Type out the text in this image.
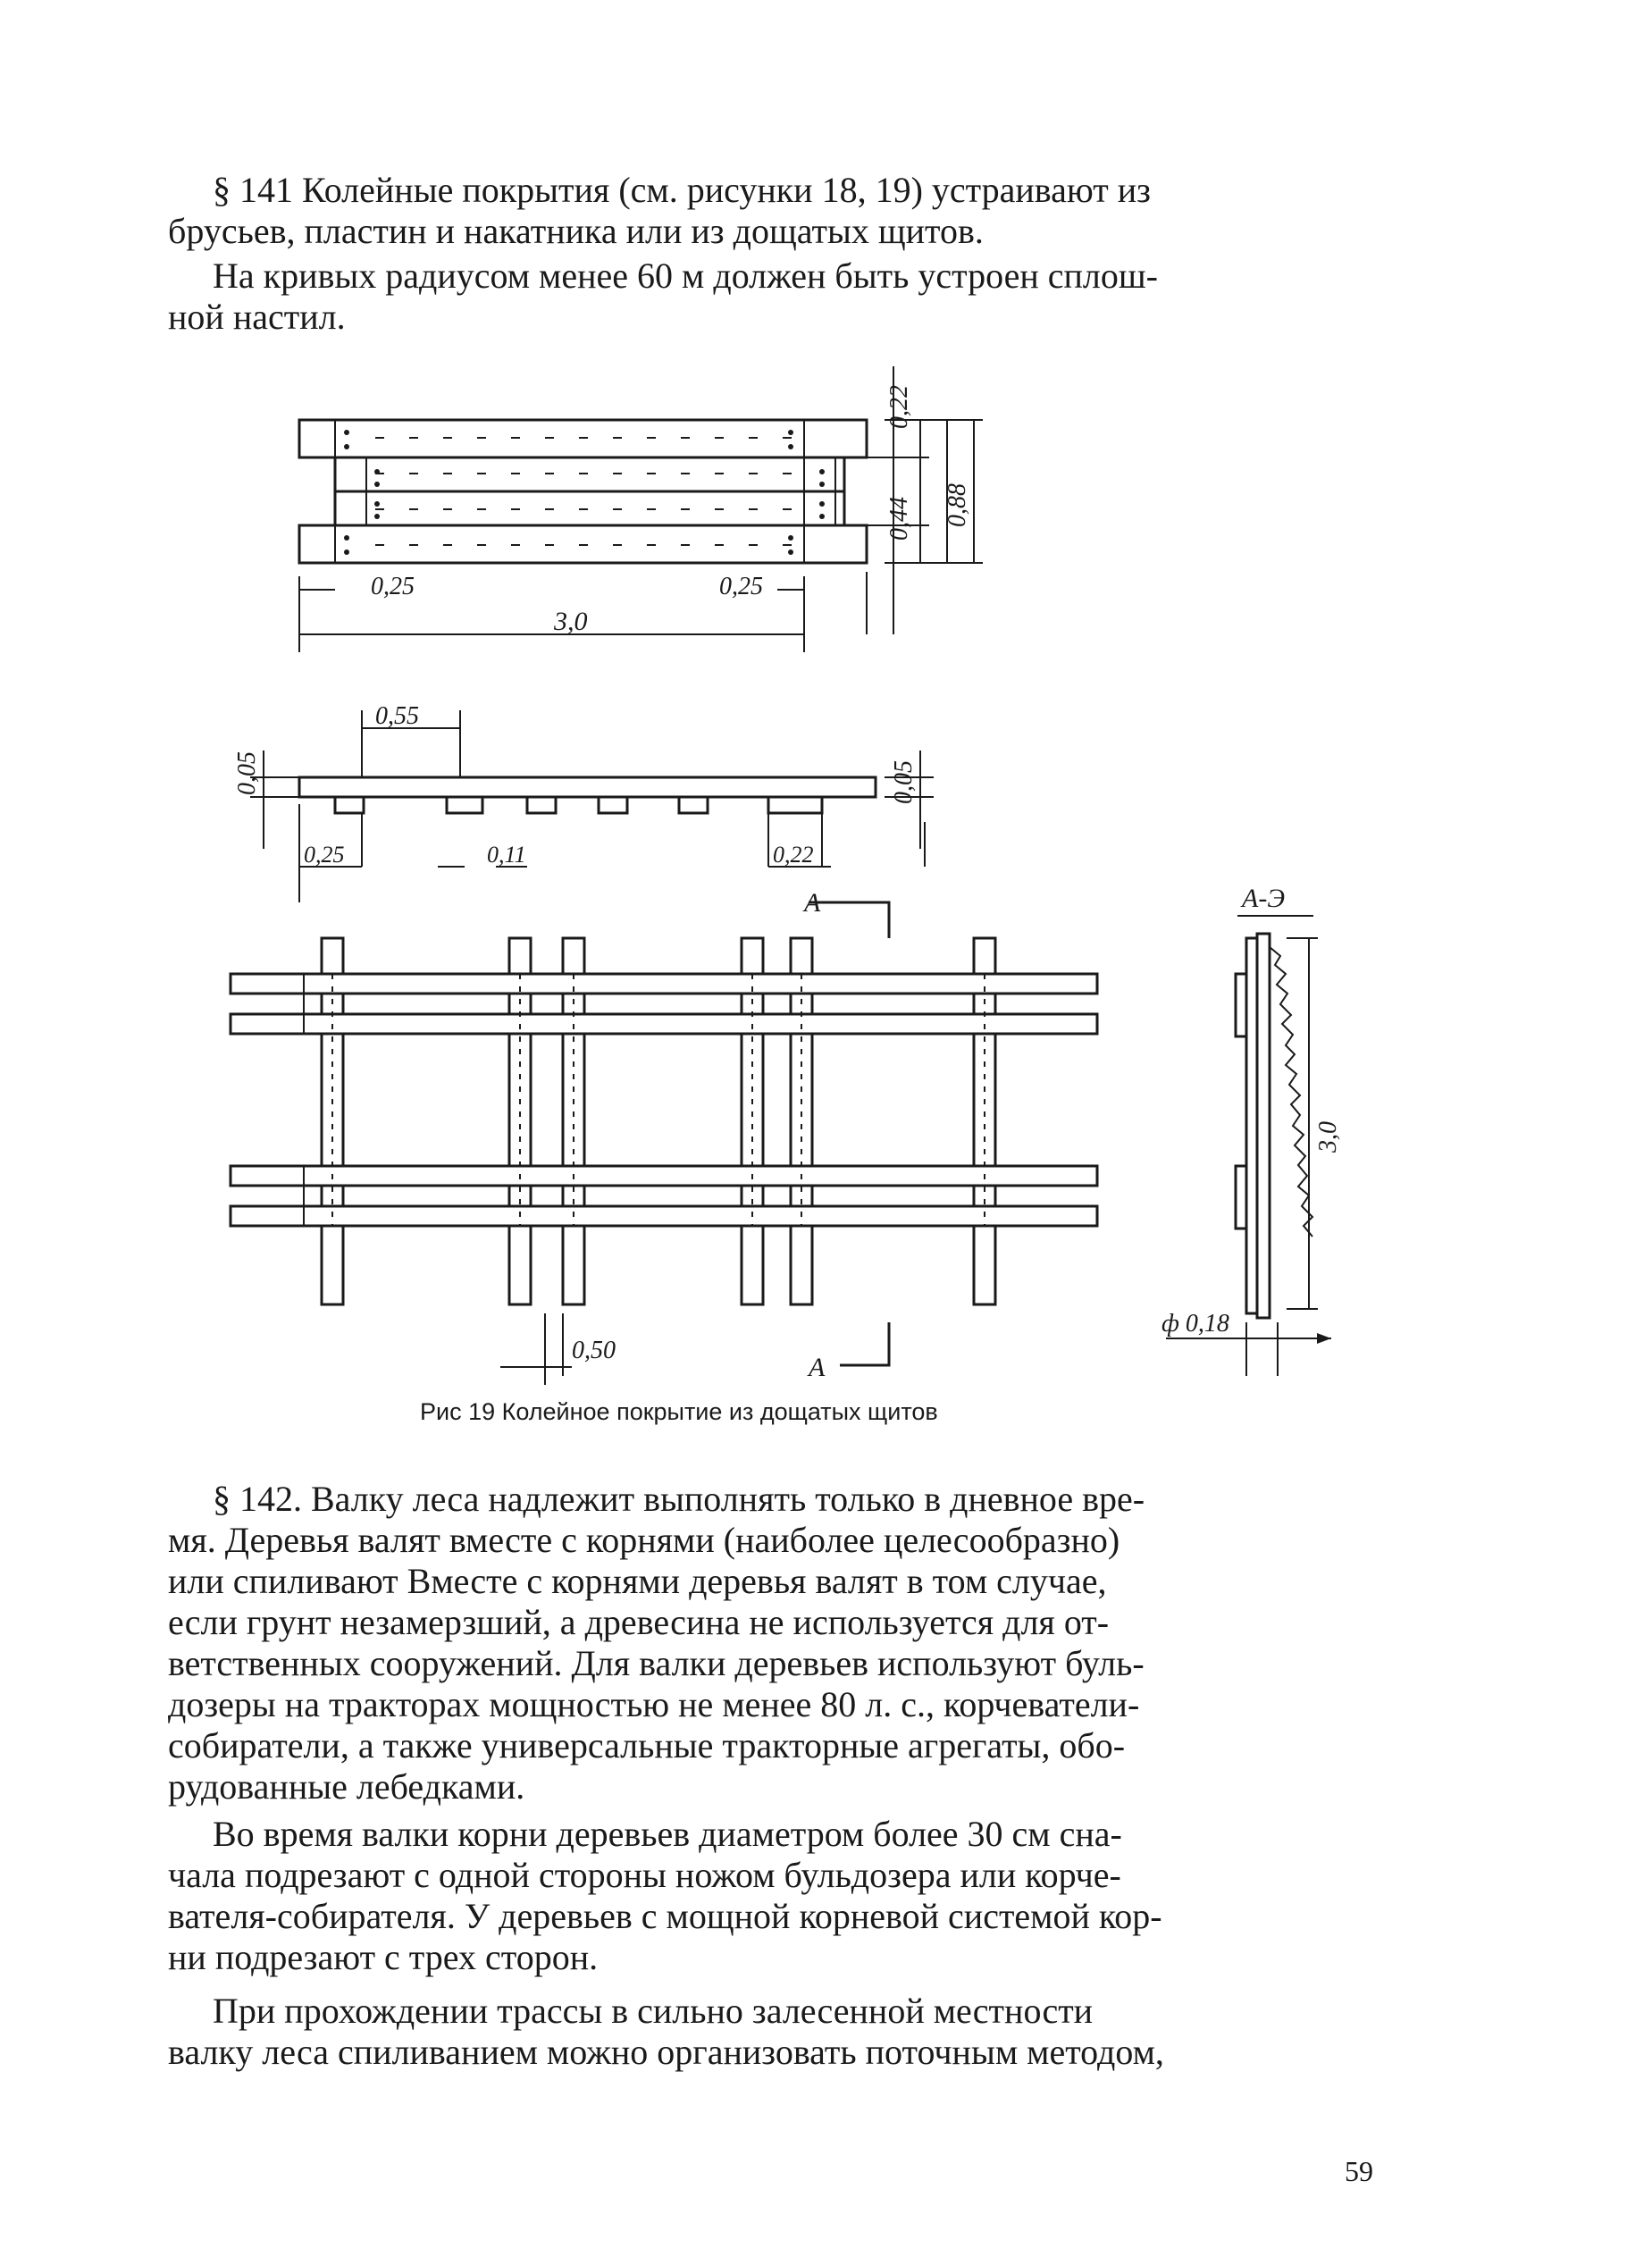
§ 141 Колейные покрытия (см. рисунки 18, 19) устраивают из
брусьев, пластин и накатника или из дощатых щитов.
На кривых радиусом менее 60 м должен быть устроен сплош-
ной настил.
0,22
0,44 0,88
0,25	0,25
3,0
0,05
0,55
0,05
0,25	0,11	0,22
А
А
0,50
А-Э
3,0
ф 0,18
Рис 19 Колейное покрытие из дощатых щитов
§ 142. Валку леса надлежит выполнять только в дневное вре-
мя. Деревья валят вместе с корнями (наиболее целесообразно)
или спиливают Вместе с корнями деревья валят в том случае,
если грунт незамерзший, а древесина не используется для от-
ветственных сооружений. Для валки деревьев используют буль-
дозеры на тракторах мощностью не менее 80 л. с., корчеватели-
собиратели, а также универсальные тракторные агрегаты, обо-
рудованные лебедками.
Во время валки корни деревьев диаметром более 30 см сна-
чала подрезают с одной стороны ножом бульдозера или корче-
вателя-собирателя. У деревьев с мощной корневой системой кор-
ни подрезают с трех сторон.
При прохождении трассы в сильно залесенной местности
валку леса спиливанием можно организовать поточным методом,
59
